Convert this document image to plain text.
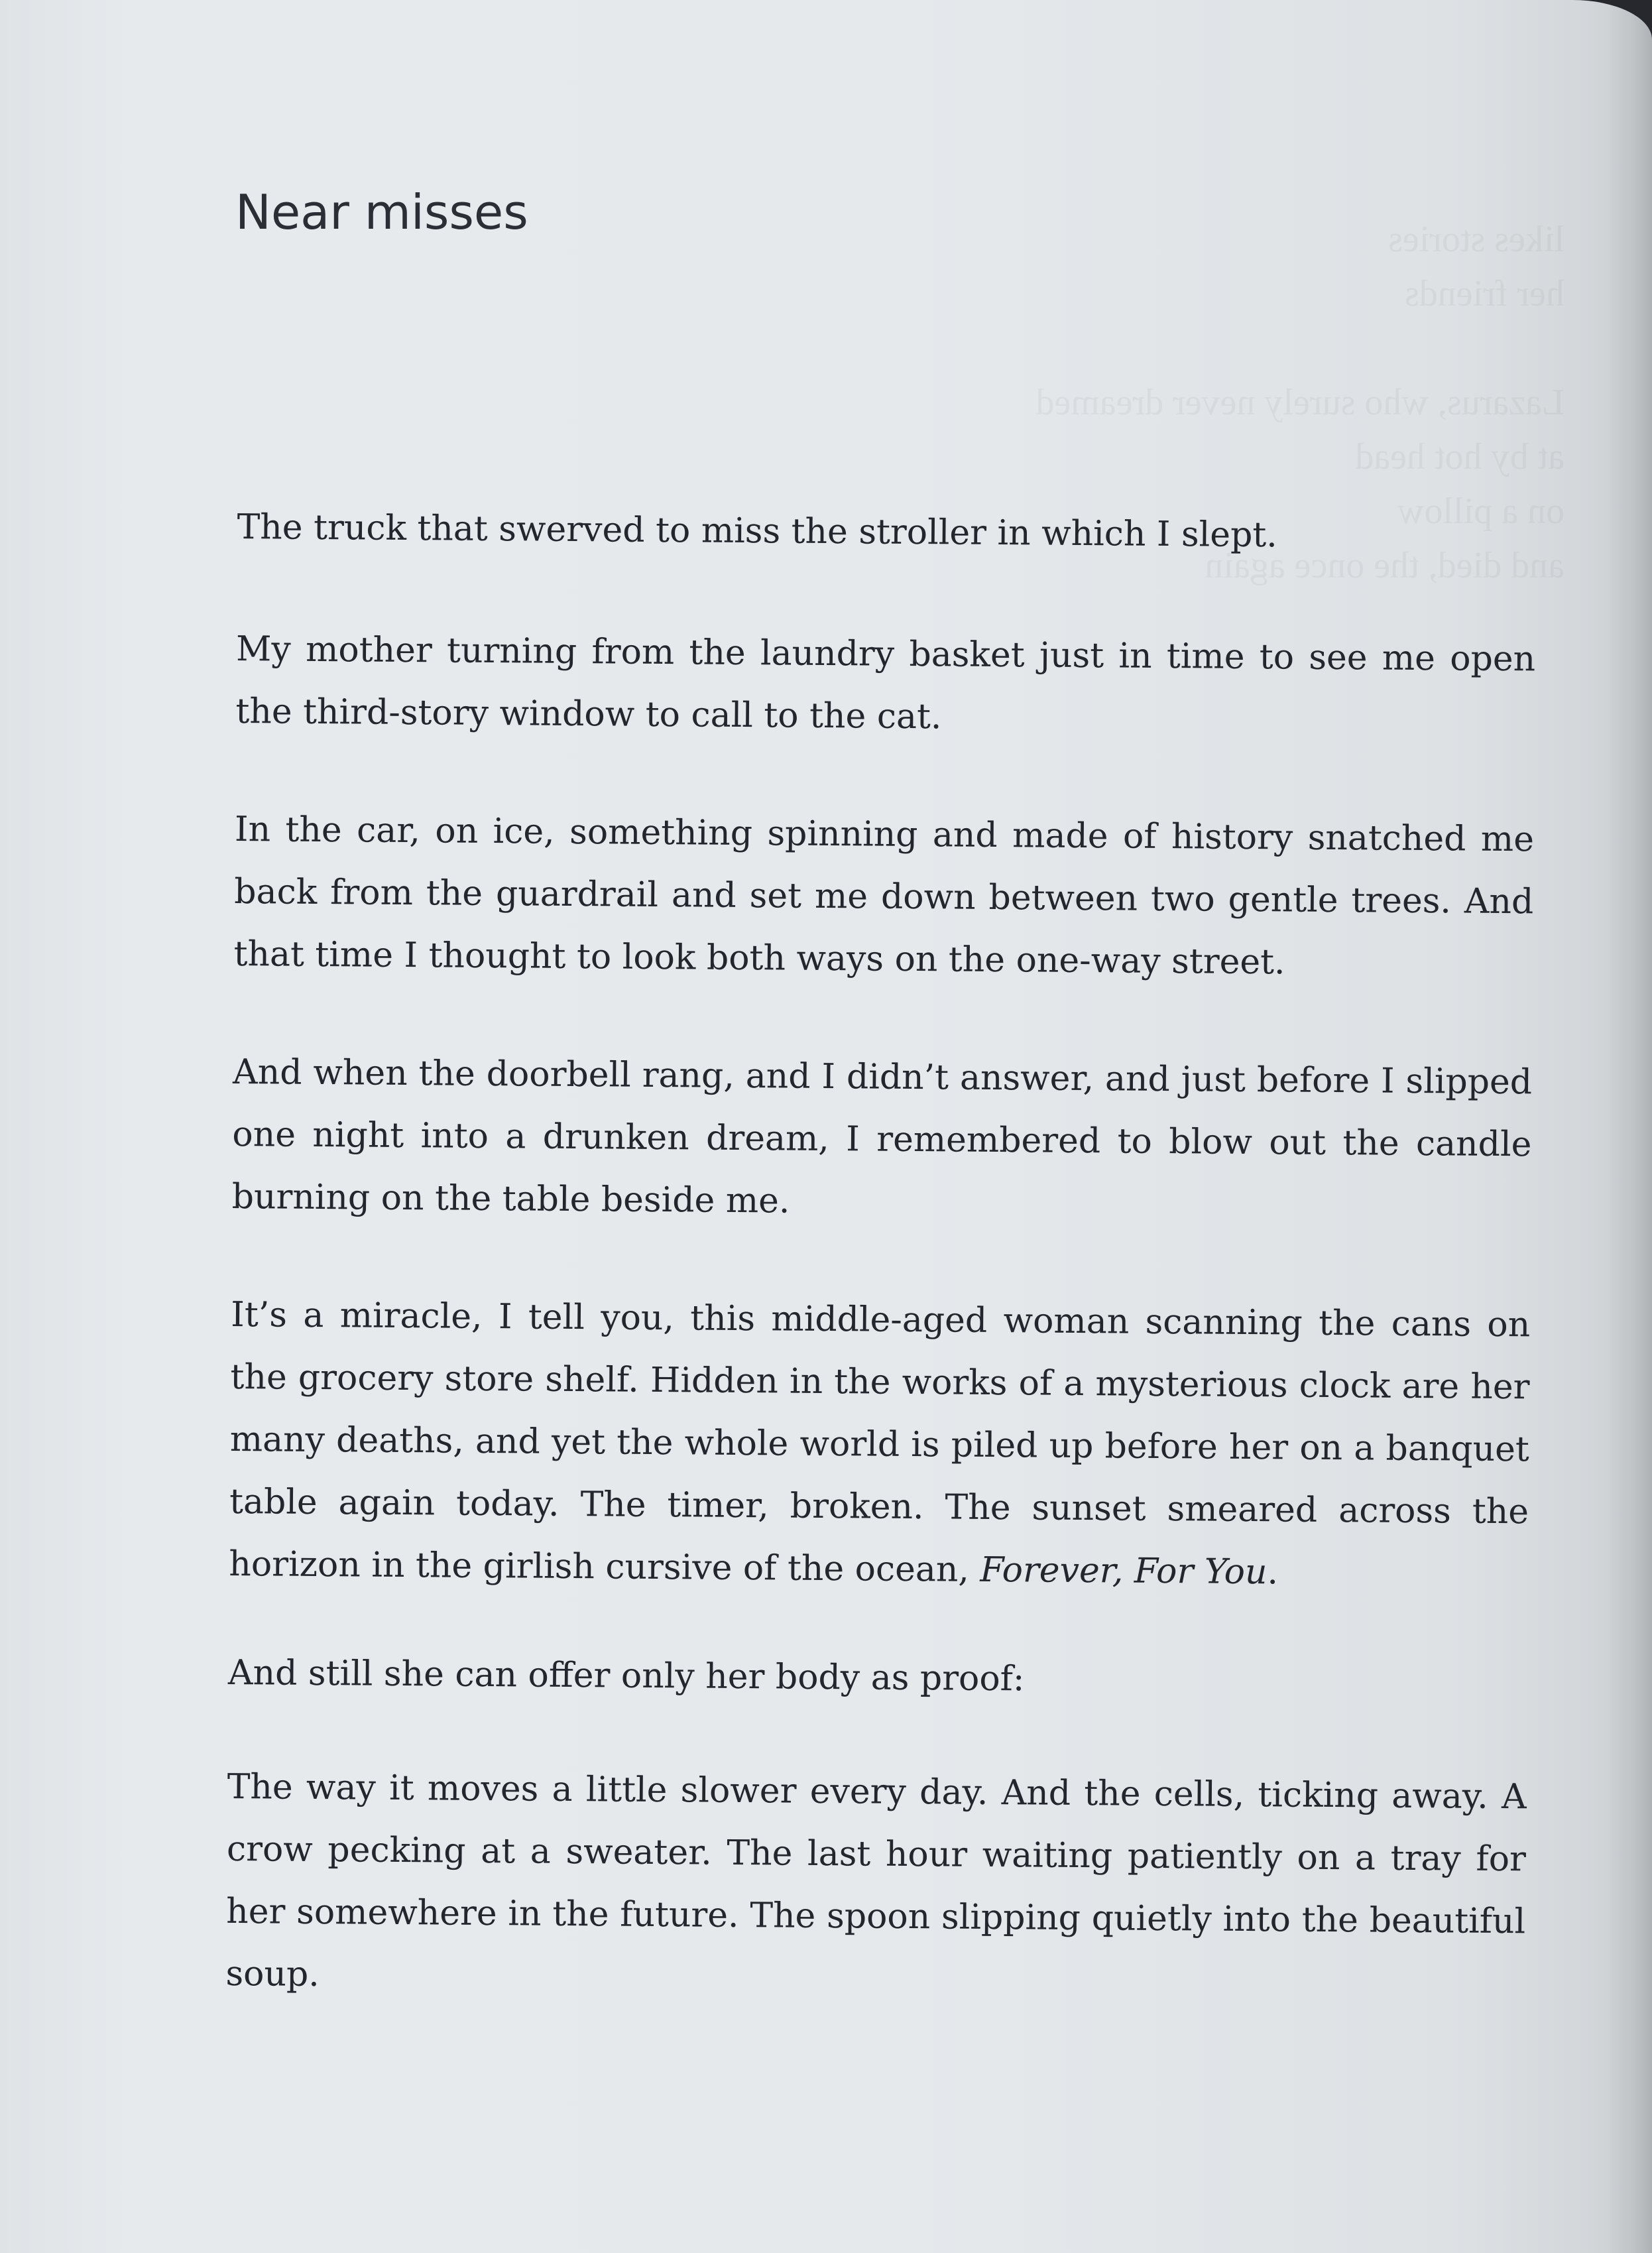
likes stories
her friends

Lazarus, who surely never dreamed
at by hot head
on a pillow
and died, the once again
Near misses

The truck that swerved to miss the stroller in which I slept.

My mother turning from the laundry basket just in time to see me open the third-story window to call to the cat.

In the car, on ice, something spinning and made of history snatched me back from the guardrail and set me down between two gentle trees. And that time I thought to look both ways on the one-way street.

And when the doorbell rang, and I didn’t answer, and just before I slipped one night into a drunken dream, I remembered to blow out the candle burning on the table beside me.

It’s a miracle, I tell you, this middle-aged woman scanning the cans on the grocery store shelf. Hidden in the works of a mysterious clock are her many deaths, and yet the whole world is piled up before her on a banquet table again today. The timer, broken. The sunset smeared across the horizon in the girlish cursive of the ocean, Forever, For You.

And still she can offer only her body as proof:

The way it moves a little slower every day. And the cells, ticking away. A crow pecking at a sweater. The last hour waiting patiently on a tray for her somewhere in the future. The spoon slipping quietly into the beautiful soup.
